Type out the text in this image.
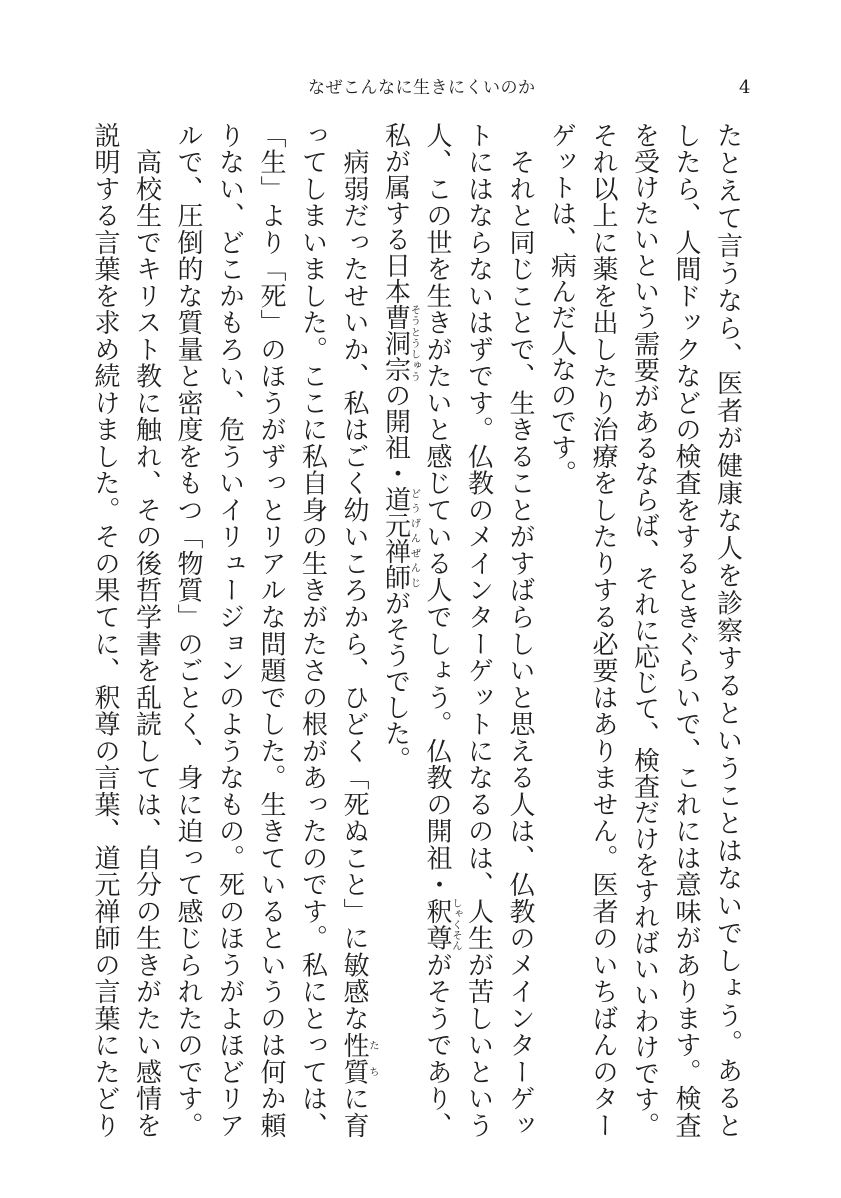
なぜこんなに生きにくいのか	4
たとえて言うなら、医者が健康な人を診察するということはないでしょう。あると
したら、人間ドックなどの検査をするときぐらいで、これには意味があります。検査
を受けたいという需要があるならば、それに応じて、検査だけをすればいいわけです。
それ以上に薬を出したり治療をしたりする必要はありません。医者のいちばんのター
ゲットは、病んだ人なのです。
　それと同じことで、生きることがすばらしいと思える人は、仏教のメインターゲッ
トにはならないはずです。仏教のメインターゲットになるのは、人生が苦しいという
人、この世を生きがたいと感じている人でしょう。仏教の開祖・釈尊しゃくそんがそうであり、
私が属する日本曹洞宗そうとうしゅうの開祖・道元禅師どうげんぜんじがそうでした。
　病弱だったせいか、私はごく幼いころから、ひどく「死ぬこと」に敏感な性質たちに育
ってしまいました。ここに私自身の生きがたさの根があったのです。私にとっては、
「生」より「死」のほうがずっとリアルな問題でした。生きているというのは何か頼
りない、どこかもろい、危ういイリュージョンのようなもの。死のほうがよほどリア
ルで、圧倒的な質量と密度をもつ「物質」のごとく、身に迫って感じられたのです。
　高校生でキリスト教に触れ、その後哲学書を乱読しては、自分の生きがたい感情を
説明する言葉を求め続けました。その果てに、釈尊の言葉、道元禅師の言葉にたどり
